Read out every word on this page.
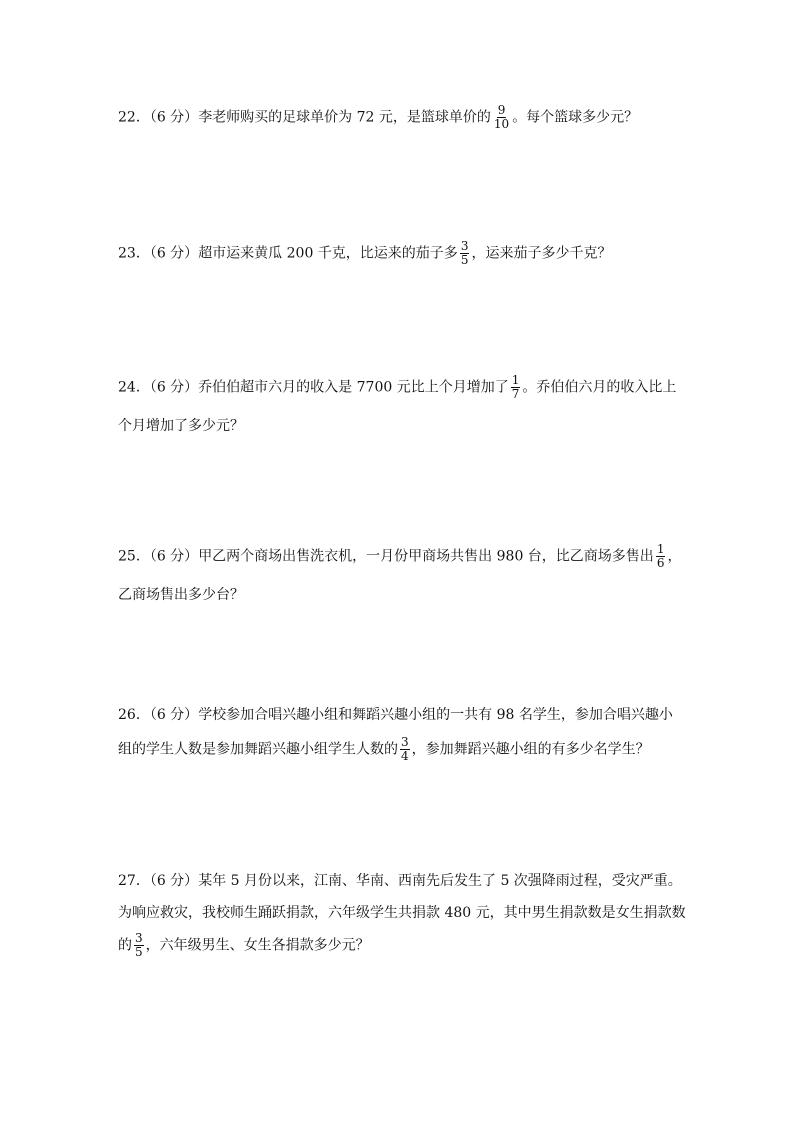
22．（6 分）李老师购买的足球单价为 72 元，是篮球单价的 $\frac{9}{10}$ 。每个篮球多少元？
23．（6 分）超市运来黄瓜 200 千克，比运来的茄子多 $\frac{3}{5}$ ，运来茄子多少千克？
24．（6 分）乔伯伯超市六月的收入是 7700 元比上个月增加了 $\frac{1}{7}$ 。乔伯伯六月的收入比上
个月增加了多少元？
25．（6 分）甲乙两个商场出售洗衣机，一月份甲商场共售出 980 台，比乙商场多售出 $\frac{1}{6}$ ，
乙商场售出多少台？
26．（6 分）学校参加合唱兴趣小组和舞蹈兴趣小组的一共有 98 名学生，参加合唱兴趣小
组的学生人数是参加舞蹈兴趣小组学生人数的 $\frac{3}{4}$ ，参加舞蹈兴趣小组的有多少名学生？
27．（6 分）某年 5 月份以来，江南、华南、西南先后发生了 5 次强降雨过程，受灾严重。
为响应救灾，我校师生踊跃捐款，六年级学生共捐款 480 元，其中男生捐款数是女生捐款数
的 $\frac{3}{5}$ ，六年级男生、女生各捐款多少元？
